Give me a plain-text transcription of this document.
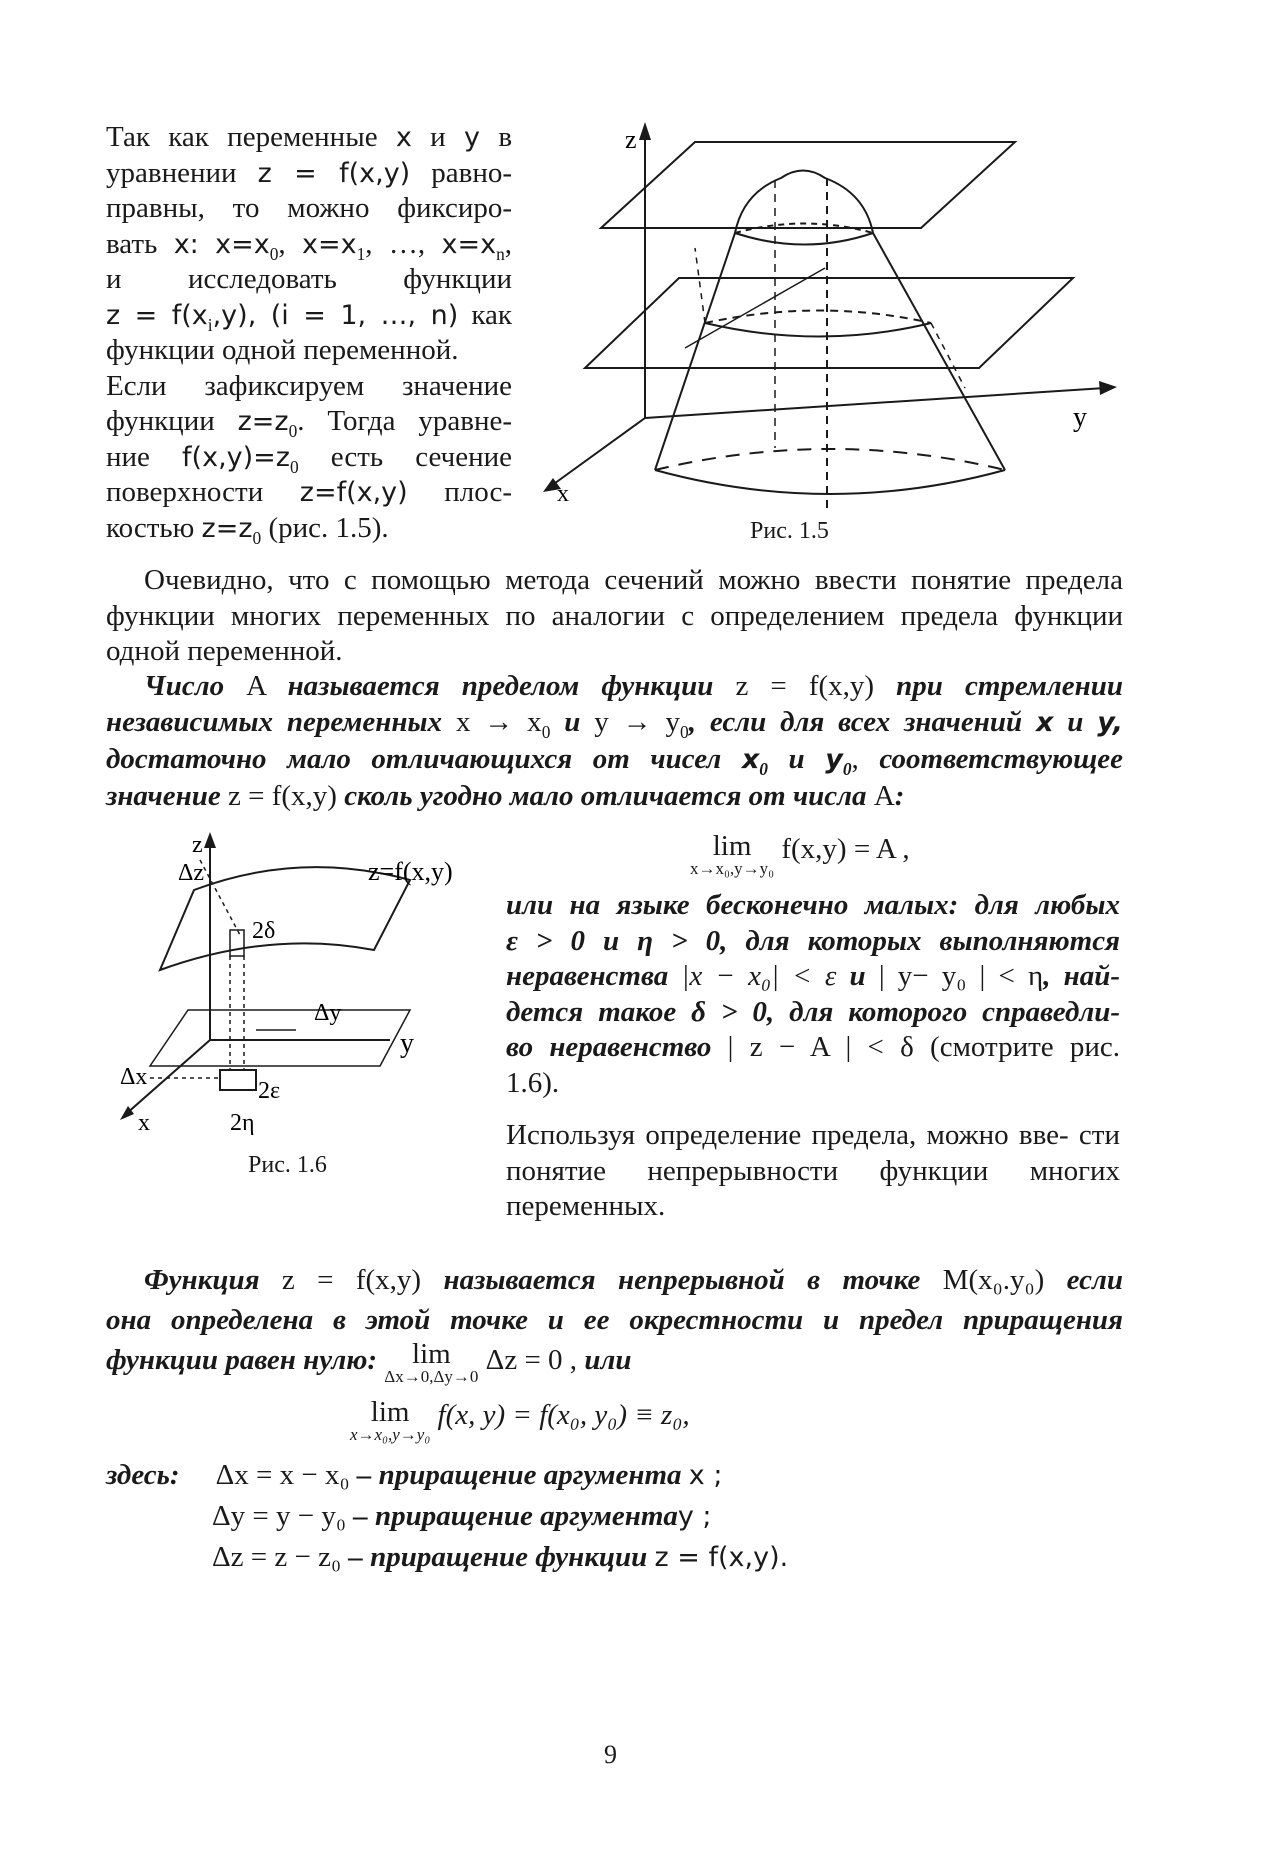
Так как переменные x и y в
уравнении z = f(x,y) равно-
правны, то можно фиксиро-
вать x: $x=x_0$, $x=x_1$, …, $x=x_n$,
и исследовать функции
$z = f(x_i,y)$, (i = 1, …, n) как
функции одной переменной.
Если зафиксируем значение
функции $z=z_0$. Тогда уравне-
ние $f(x,y)=z_0$ есть сечение
поверхности z=f(x,y) плос-
костью $z=z_0$ (рис. 1.5).
z
y
x
Рис. 1.5
Очевидно, что с помощью метода сечений можно ввести понятие предела функции многих переменных по аналогии с определением предела функции одной переменной.
Число A называется пределом функции z = f(x,y) при стремлении
независимых переменных $x \to x_0$ и $y \to y_0$, если для всех значений x и y,
достаточно мало отличающихся от чисел $x_0$ и $y_0$, соответствующее
значение z = f(x,y) сколь угодно мало отличается от числа A:
z
Δz	z=f(x,y)
2δ
Δy
y
Δx
2ε
x	2η
Рис. 1.6
lim
x→x₀,y→y₀
f(x,y) = A ,
или на языке бесконечно малых: для любых
ε > 0 и η > 0, для которых выполняются
неравенства |x − x₀| < ε и | y− y₀ | < η, най-
дется такое δ > 0, для которого справедли-
во неравенство | z − A | < δ (смотрите рис.
1.6).
Используя определение предела, можно вве- сти понятие непрерывности функции многих переменных.
Функция z = f(x,y) называется непрерывной в точке M(x₀.y₀) если
она определена в этой точке и ее окрестности и предел приращения
функции равен нулю: lim
Δx→0,Δy→0
Δz = 0 , или
lim
x→x₀,y→y₀
f(x, y) = f(x₀, y₀) ≡ z₀,
здесь: Δx = x − x₀ – приращение аргумента x ;
Δy = y − y₀ – приращение аргументаy ;
Δz = z − z₀ – приращение функции z = f(x,y).
9
